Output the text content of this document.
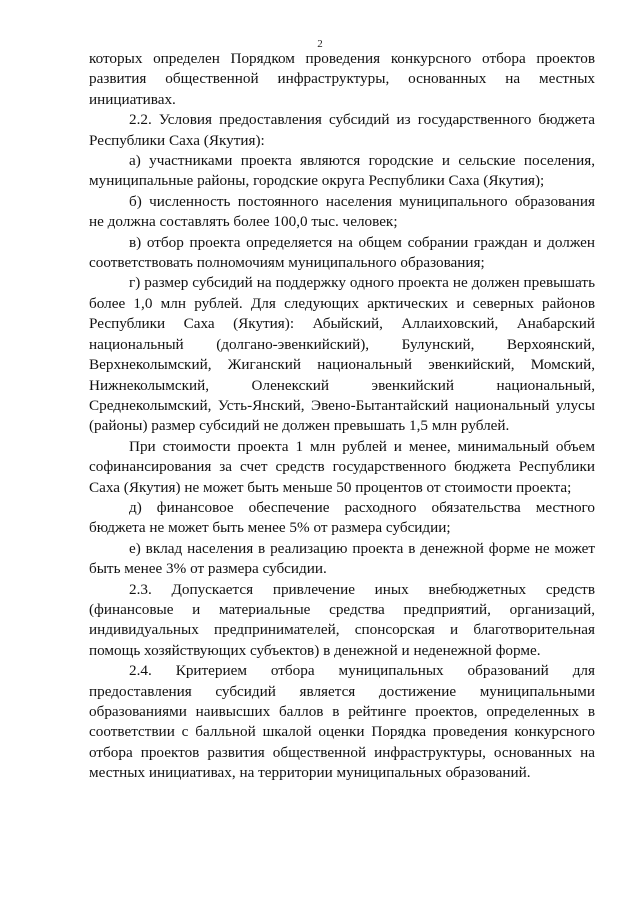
2

которых определен Порядком проведения конкурсного отбора проектов развития общественной инфраструктуры, основанных на местных инициативах.

2.2. Условия предоставления субсидий из государственного бюджета Республики Саха (Якутия):

а) участниками проекта являются городские и сельские поселения, муниципальные районы, городские округа Республики Саха (Якутия);

б) численность постоянного населения муниципального образования не должна составлять более 100,0 тыс. человек;

в) отбор проекта определяется на общем собрании граждан и должен соответствовать полномочиям муниципального образования;

г) размер субсидий на поддержку одного проекта не должен превышать более 1,0 млн рублей. Для следующих арктических и северных районов Республики Саха (Якутия): Абыйский, Аллаиховский, Анабарский национальный (долгано-эвенкийский), Булунский, Верхоянский, Верхнеколымский, Жиганский национальный эвенкийский, Момский, Нижнеколымский, Оленекский эвенкийский национальный, Среднеколымский, Усть-Янский, Эвено-Бытантайский национальный улусы (районы) размер субсидий не должен превышать 1,5 млн рублей.

При стоимости проекта 1 млн рублей и менее, минимальный объем софинансирования за счет средств государственного бюджета Республики Саха (Якутия) не может быть меньше 50 процентов от стоимости проекта;

д) финансовое обеспечение расходного обязательства местного бюджета не может быть менее 5% от размера субсидии;

е) вклад населения в реализацию проекта в денежной форме не может быть менее 3% от размера субсидии.

2.3. Допускается привлечение иных внебюджетных средств (финансовые и материальные средства предприятий, организаций, индивидуальных предпринимателей, спонсорская и благотворительная помощь хозяйствующих субъектов) в денежной и неденежной форме.

2.4. Критерием отбора муниципальных образований для предоставления субсидий является достижение муниципальными образованиями наивысших баллов в рейтинге проектов, определенных в соответствии с балльной шкалой оценки Порядка проведения конкурсного отбора проектов развития общественной инфраструктуры, основанных на местных инициативах, на территории муниципальных образований.
